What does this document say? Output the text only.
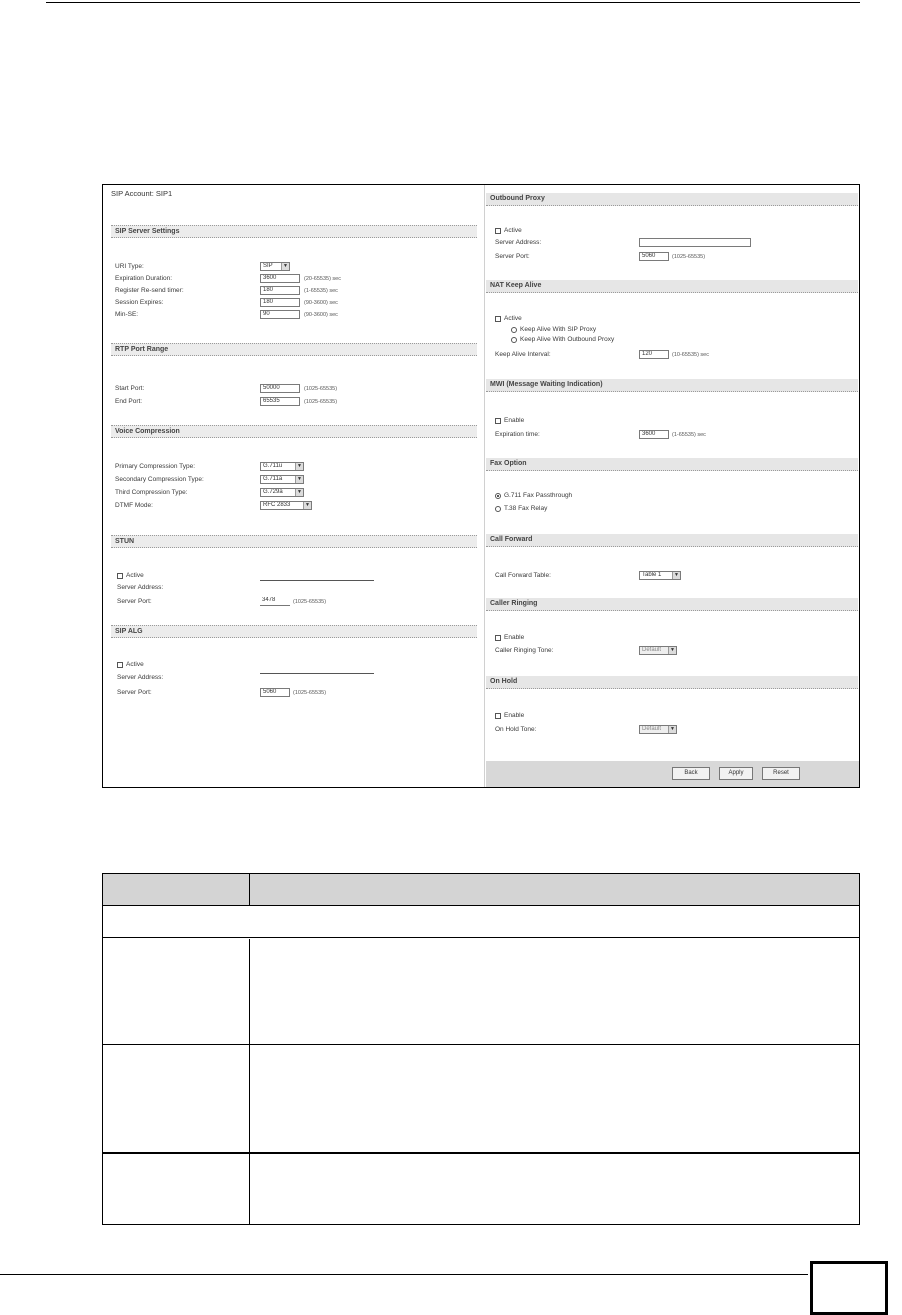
SIP Account: SIP1
SIP Server Settings
URI Type:	SIP	▼
Expiration Duration:	3600	(20-65535) sec
Register Re-send timer:	180	(1-65535) sec
Session Expires:	180	(90-3600) sec
Min-SE:	90	(90-3600) sec
RTP Port Range
Start Port:	50000	(1025-65535)
End Port:	65535	(1025-65535)
Voice Compression
Primary Compression Type:	G.711u	▼
Secondary Compression Type:	G.711a	▼
Third Compression Type:	G.729a	▼
DTMF Mode:	RFC 2833	▼
STUN
Active
Server Address:
Server Port:	3478	(1025-65535)
SIP ALG
Active
Server Address:
Server Port:	5060	(1025-65535)
Outbound Proxy
Active
Server Address:
Server Port:	5060	(1025-65535)
NAT Keep Alive
Active
Keep Alive With SIP Proxy
Keep Alive With Outbound Proxy
Keep Alive Interval:	120	(10-65535) sec
MWI (Message Waiting Indication)
Enable
Expiration time:	3600	(1-65535) sec
Fax Option
G.711 Fax Passthrough
T.38 Fax Relay
Call Forward
Call Forward Table:	Table 1	▼
Caller Ringing
Enable
Caller Ringing Tone:	Default	▼
On Hold
Enable
On Hold Tone:	Default	▼
Back	Apply	Reset
